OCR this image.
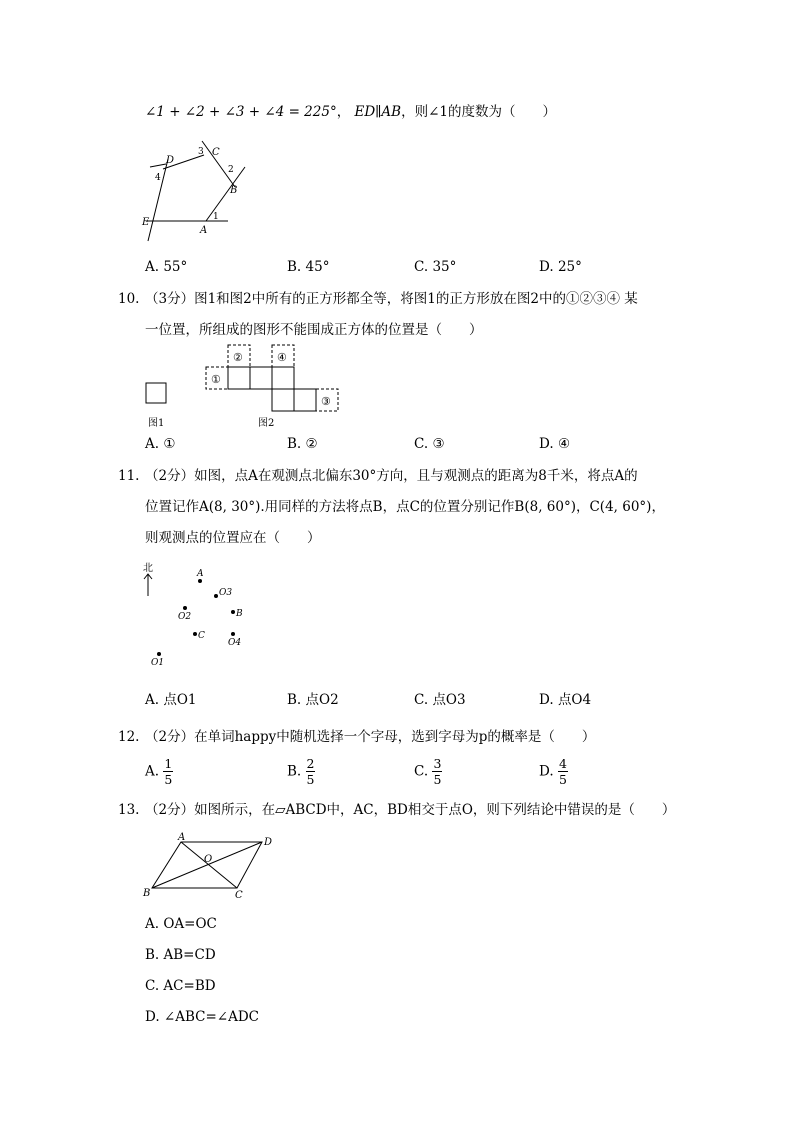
∠1 + ∠2 + ∠3 + ∠4 = 225°， ED∥AB，则∠1的度数为（　　）
D
C
B
E
A
1
2
3
4
A. 55°	B. 45°	C. 35°	D. 25°
10. （3分）图1和图2中所有的正方形都全等，将图1的正方形放在图2中的①②③④ 某
一位置，所组成的图形不能围成正方体的位置是（　　）
①
②
③
④
图1	图2
A. ①	B. ②	C. ③	D. ④
11. （2分）如图，点A在观测点北偏东30°方向，且与观测点的距离为8千米，将点A的
位置记作A(8, 30°).用同样的方法将点B，点C的位置分别记作B(8, 60°)，C(4, 60°)，
则观测点的位置应在（　　）
北	A
O3
O2	B
C
O4
O1
A. 点O1	B. 点O2	C. 点O3	D. 点O4
12. （2分）在单词happy中随机选择一个字母，选到字母为p的概率是（　　）
A. $\frac{1}{5}$	B. $\frac{2}{5}$	C. $\frac{3}{5}$	D. $\frac{4}{5}$
13. （2分）如图所示，在▱ABCD中，AC，BD相交于点O，则下列结论中错误的是（　　）
A	D
O
B	C
A. OA=OC
B. AB=CD
C. AC=BD
D. ∠ABC=∠ADC
